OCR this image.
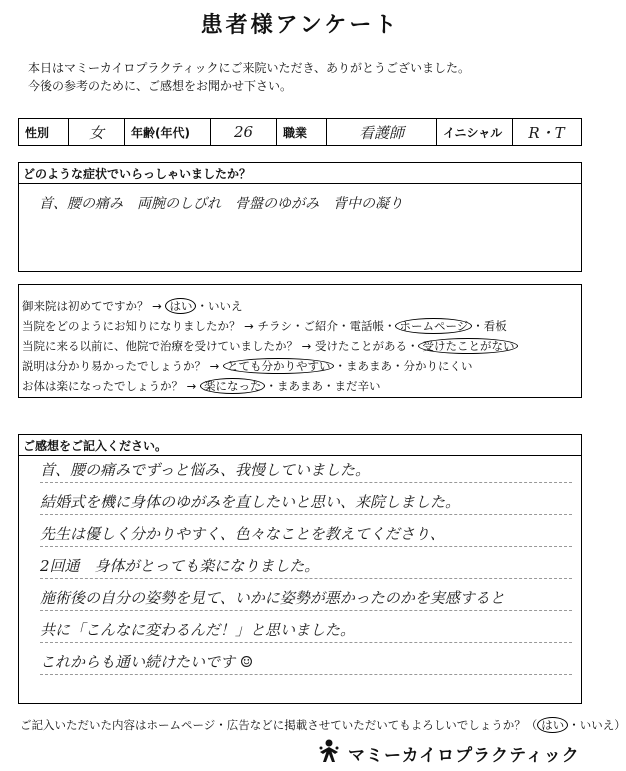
患者様アンケート
本日はマミーカイロプラクティックにご来院いただき、ありがとうございました。
今後の参考のために、ご感想をお聞かせ下さい。
性別	女	年齢(年代)	26	職業	看護師	イニシャル	R・T
どのような症状でいらっしゃいましたか？
首、腰の痛み　両腕のしびれ　骨盤のゆがみ　背中の凝り
御来院は初めてですか？ → はい ・いいえ
当院をどのようにお知りになりましたか？ → チラシ・ご紹介・電話帳・ ホームページ ・看板
当院に来る以前に、他院で治療を受けていましたか？ → 受けたことがある・ 受けたことがない
説明は分かり易かったでしょうか？ → とても分かりやすい ・まあまあ・分かりにくい
お体は楽になったでしょうか？ → 楽になった ・まあまあ・まだ辛い
ご感想をご記入ください。
首、腰の痛みでずっと悩み、我慢していました。
結婚式を機に身体のゆがみを直したいと思い、来院しました。
先生は優しく分かりやすく、色々なことを教えてくださり、
2回通　身体がとっても楽になりました。
施術後の自分の姿勢を見て、いかに姿勢が悪かったのかを実感すると
共に「こんなに変わるんだ！」と思いました。
これからも通い続けたいです ☺
ご記入いただいた内容はホームページ・広告などに掲載させていただいてもよろしいでしょうか？（ はい ・いいえ）
マミーカイロプラクティック
